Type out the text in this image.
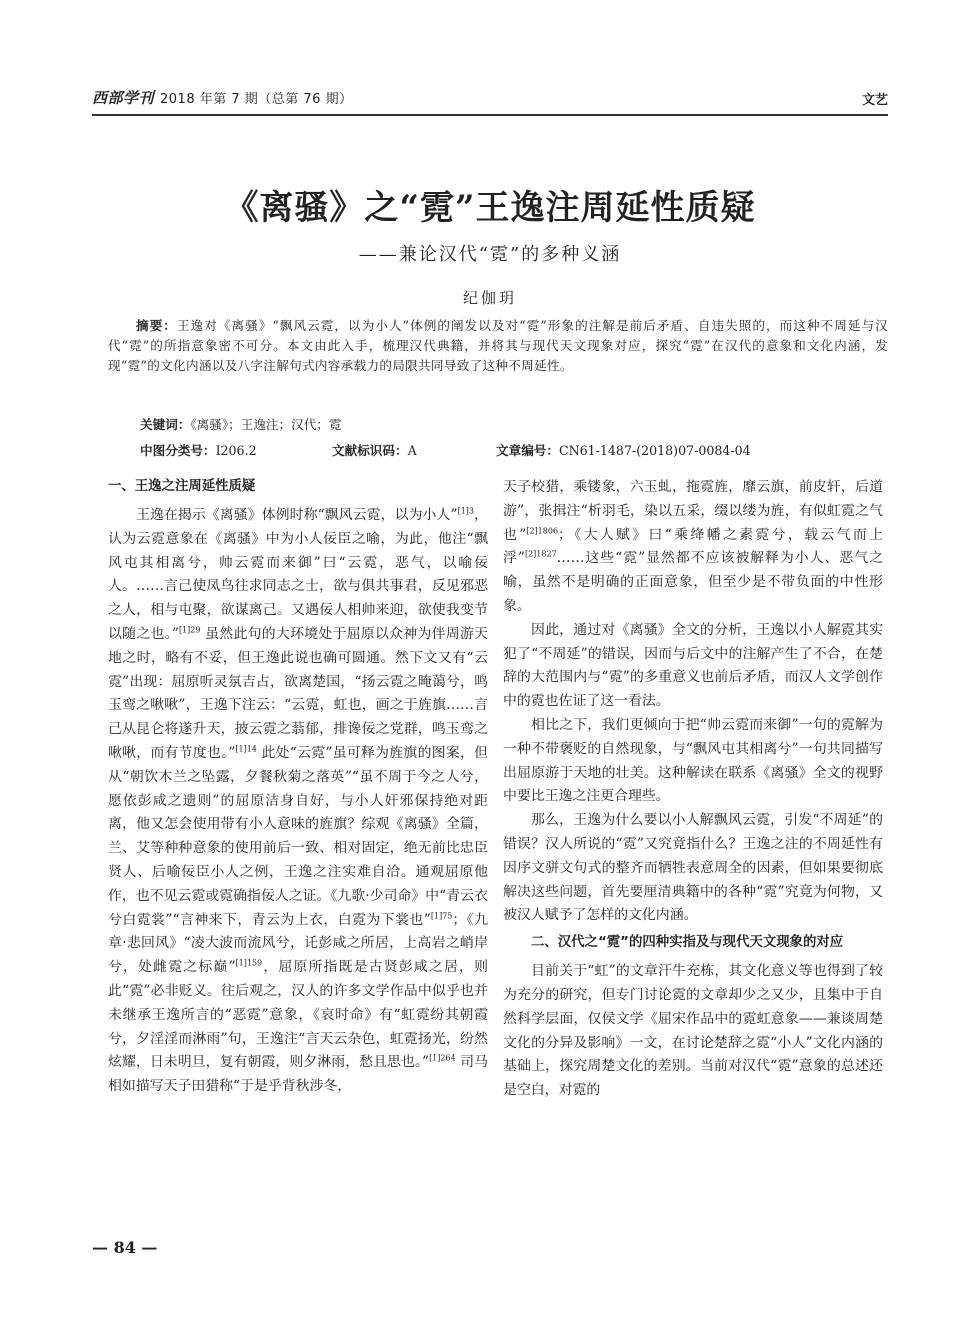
西部学刊 2018 年第 7 期（总第 76 期）	文艺
《离骚》之“霓”王逸注周延性质疑
——兼论汉代“霓”的多种义涵
纪伽玥

摘要：王逸对《离骚》“飘风云霓，以为小人”体例的阐发以及对“霓”形象的注解是前后矛盾、自违失照的，而这种不周延与汉代“霓”的所指意象密不可分。本文由此入手，梳理汉代典籍，并将其与现代天文现象对应，探究“霓”在汉代的意象和文化内涵，发现“霓”的文化内涵以及八字注解句式内容承载力的局限共同导致了这种不周延性。

关键词：《离骚》；王逸注；汉代；霓
中图分类号：I206.2	文献标识码：A	文章编号：CN61-1487-(2018)07-0084-04
一、王逸之注周延性质疑

王逸在揭示《离骚》体例时称“飘风云霓，以为小人”$^{[1]3}$，认为云霓意象在《离骚》中为小人佞臣之喻，为此，他注“飘风屯其相离兮，帅云霓而来御”曰“云霓，恶气，以喻佞人。……言己使凤鸟往求同志之士，欲与俱共事君，反见邪恶之人，相与屯聚，欲谋离己。又遇佞人相帅来迎，欲使我变节以随之也。”$^{[1]29}$ 虽然此句的大环境处于屈原以众神为伴周游天地之时，略有不妥，但王逸此说也确可圆通。然下文又有“云霓”出现：屈原听灵氛吉占，欲离楚国，“扬云霓之晻蔼兮，鸣玉鸾之啾啾”，王逸下注云：“云霓，虹也，画之于旌旗……言己从昆仑将遂升天，披云霓之蓊郁，排谗佞之党群，鸣玉鸾之啾啾，而有节度也。”$^{[1]14}$ 此处“云霓”虽可释为旌旗的图案，但从“朝饮木兰之坠露，夕餐秋菊之落英”“虽不周于今之人兮，愿依彭咸之遗则”的屈原洁身自好，与小人奸邪保持绝对距离，他又怎会使用带有小人意味的旌旗？综观《离骚》全篇，兰、艾等种种意象的使用前后一致、相对固定，绝无前比忠臣贤人、后喻佞臣小人之例，王逸之注实难自洽。通观屈原他作，也不见云霓或霓确指佞人之证。《九歌·少司命》中“青云衣兮白霓裳”“言神来下，青云为上衣，白霓为下裳也”$^{[1]75}$；《九章·悲回风》“凌大波而流风兮，讬彭咸之所居，上高岩之峭岸兮，处雌霓之标巅”$^{[1]159}$，屈原所指既是古贤彭咸之居，则此“霓”必非贬义。往后观之，汉人的许多文学作品中似乎也并未继承王逸所言的“恶霓”意象，《哀时命》有“虹霓纷其朝霞兮，夕淫淫而淋雨”句，王逸注“言天云杂色，虹霓扬光，纷然炫耀，日未明旦，复有朝霞，则夕淋雨，愁且思也。”$^{[1]264}$ 司马相如描写天子田猎称“于是乎背秋涉冬，

天子校猎，乘镂象，六玉虬，拖霓旌，靡云旗，前皮轩，后道游”，张揖注“析羽毛，染以五采，缀以缕为旌，有似虹霓之气也”$^{[2]1806}$；《大人赋》曰“乘绛幡之素霓兮，载云气而上浮”$^{[2]1827}$……这些“霓”显然都不应该被解释为小人、恶气之喻，虽然不是明确的正面意象，但至少是不带负面的中性形象。

因此，通过对《离骚》全文的分析，王逸以小人解霓其实犯了“不周延”的错误，因而与后文中的注解产生了不合，在楚辞的大范围内与“霓”的多重意义也前后矛盾，而汉人文学创作中的霓也佐证了这一看法。

相比之下，我们更倾向于把“帅云霓而来御”一句的霓解为一种不带褒贬的自然现象，与“飘风屯其相离兮”一句共同描写出屈原游于天地的壮美。这种解读在联系《离骚》全文的视野中要比王逸之注更合理些。

那么，王逸为什么要以小人解飘风云霓，引发“不周延”的错误？汉人所说的“霓”又究竟指什么？王逸之注的不周延性有因序文骈文句式的整齐而牺牲表意周全的因素，但如果要彻底解决这些问题，首先要厘清典籍中的各种“霓”究竟为何物，又被汉人赋予了怎样的文化内涵。

二、汉代之“霓”的四种实指及与现代天文现象的对应

目前关于“虹”的文章汗牛充栋，其文化意义等也得到了较为充分的研究，但专门讨论霓的文章却少之又少，且集中于自然科学层面，仅侯文学《屈宋作品中的霓虹意象——兼谈周楚文化的分异及影响》一文，在讨论楚辞之霓“小人”文化内涵的基础上，探究周楚文化的差别。当前对汉代“霓”意象的总述还是空白，对霓的

— 84 —
